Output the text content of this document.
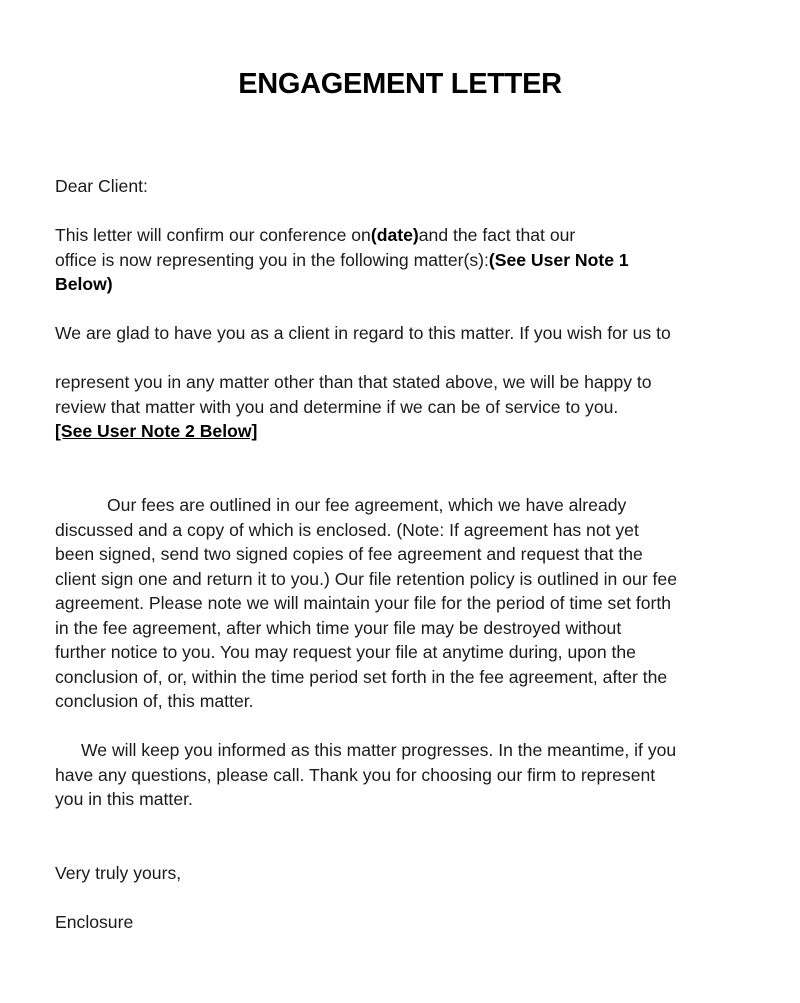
ENGAGEMENT LETTER
Dear Client:
This letter will confirm our conference on(date)and the fact that our
office is now representing you in the following matter(s):(See User Note 1
Below)
We are glad to have you as a client in regard to this matter. If you wish for us to
represent you in any matter other than that stated above, we will be happy to
review that matter with you and determine if we can be of service to you.
[See User Note 2 Below]
Our fees are outlined in our fee agreement, which we have already
discussed and a copy of which is enclosed. (Note: If agreement has not yet
been signed, send two signed copies of fee agreement and request that the
client sign one and return it to you.) Our file retention policy is outlined in our fee
agreement. Please note we will maintain your file for the period of time set forth
in the fee agreement, after which time your file may be destroyed without
further notice to you. You may request your file at anytime during, upon the
conclusion of, or, within the time period set forth in the fee agreement, after the
conclusion of, this matter.
We will keep you informed as this matter progresses. In the meantime, if you
have any questions, please call. Thank you for choosing our firm to represent
you in this matter.
Very truly yours,
Enclosure
